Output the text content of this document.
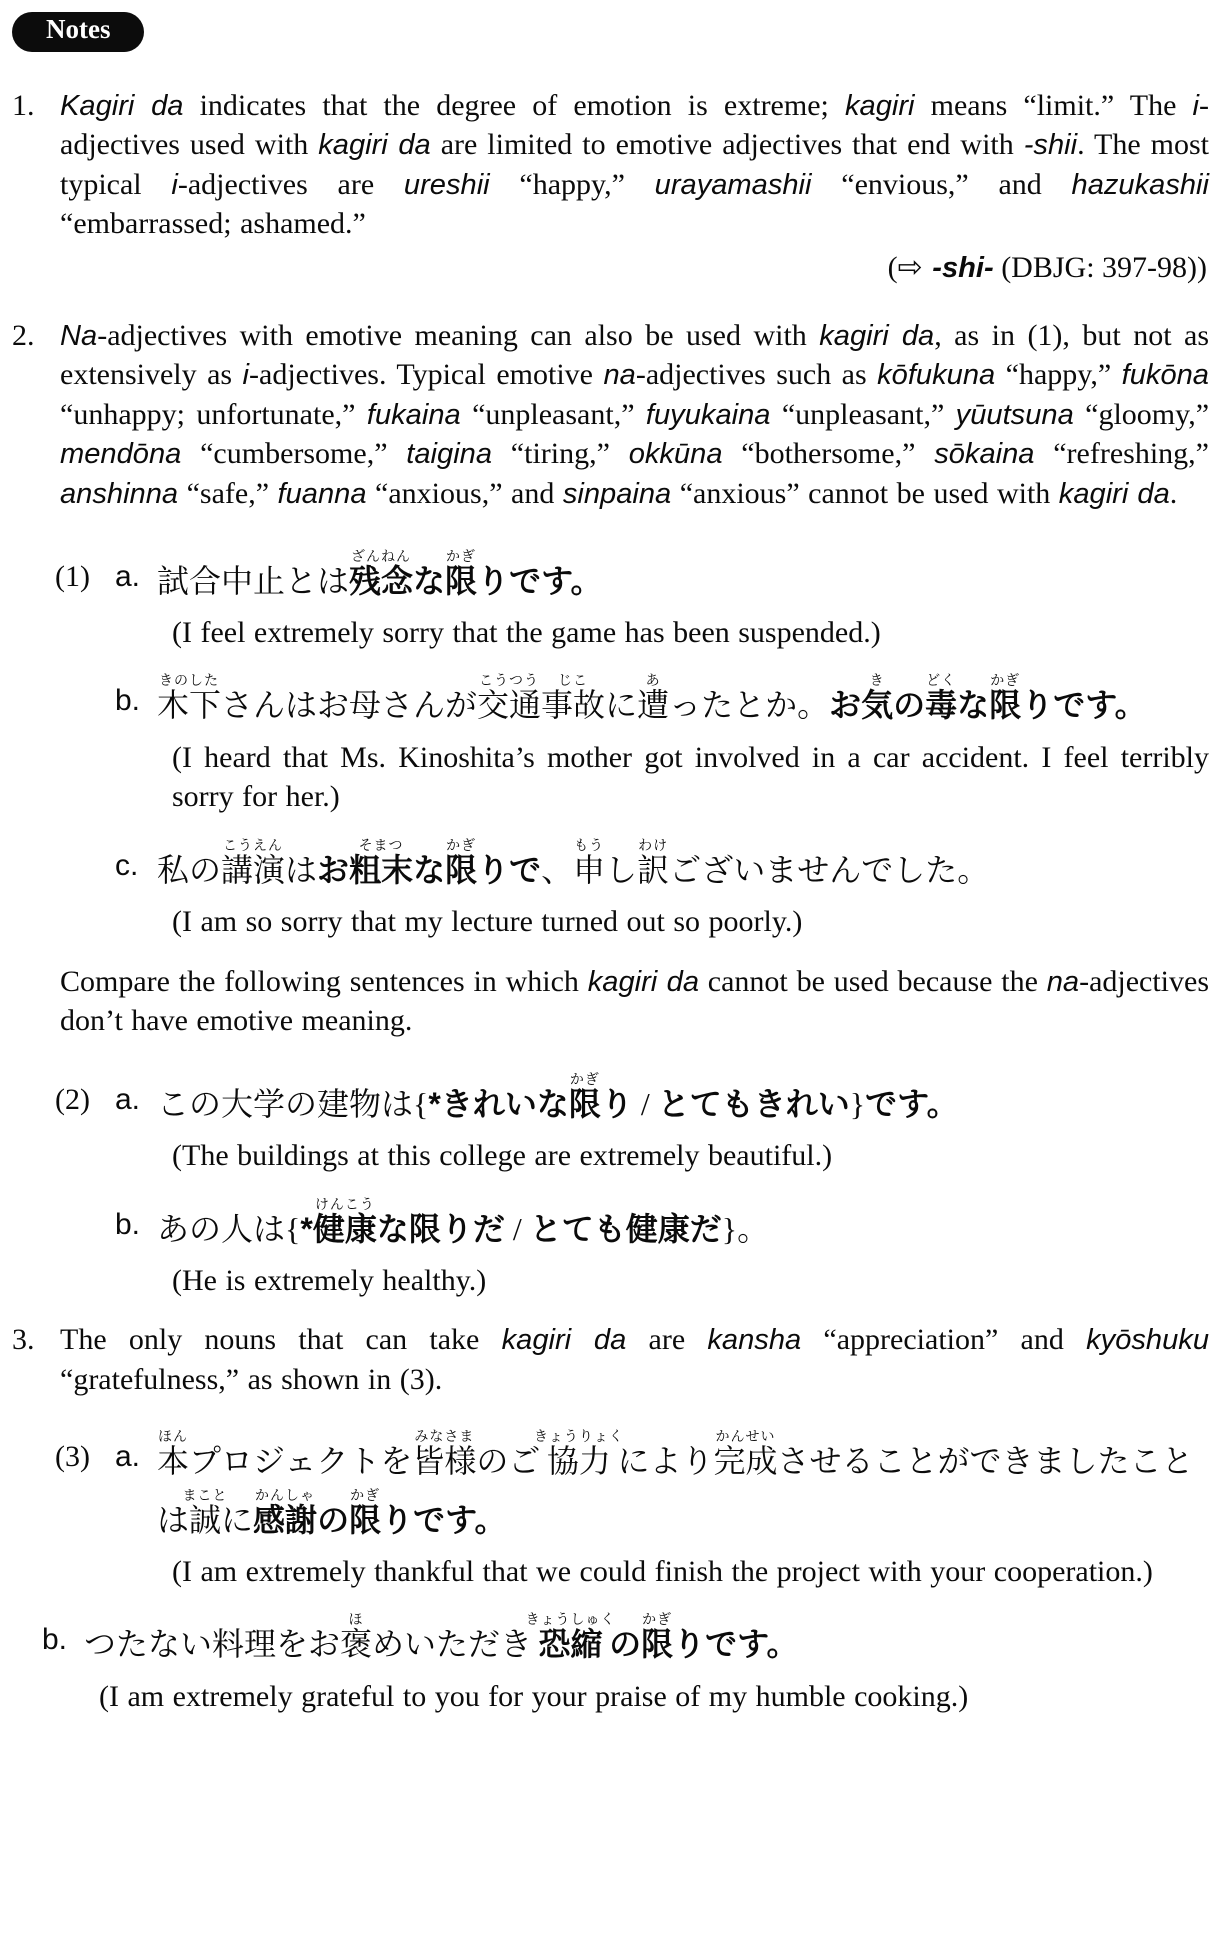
Notes
1. Kagiri da indicates that the degree of emotion is extreme; kagiri means “limit.” The i-adjectives used with kagiri da are limited to emotive adjectives that end with -shii. The most typical i-adjectives are ureshii “happy,” urayamashii “envious,” and hazukashii “embarrassed; ashamed.”

(⇨ -shi- (DBJG: 397-98))

2. Na-adjectives with emotive meaning can also be used with kagiri da, as in (1), but not as extensively as i-adjectives. Typical emotive na-adjectives such as kōfukuna “happy,” fukōna “unhappy; unfortunate,” fukaina “unpleasant,” fuyukaina “unpleasant,” yūutsuna “gloomy,” mendōna “cumbersome,” taigina “tiring,” okkūna “bothersome,” sōkaina “refreshing,” anshinna “safe,” fuanna “anxious,” and sinpaina “anxious” cannot be used with kagiri da.

(1) a. 試合中止とは残念ざんねんな限かぎりです。

(I feel extremely sorry that the game has been suspended.)

b. 木下きのしたさんはお母さんが交通こうつう事故じこに遭あったとか。お気きの毒どくな限かぎりです。

(I heard that Ms. Kinoshita’s mother got involved in a car accident. I feel terribly sorry for her.)

c. 私の講演こうえんはお粗末そまつな限かぎりで、申もうし訳わけございませんでした。

(I am so sorry that my lecture turned out so poorly.)

Compare the following sentences in which kagiri da cannot be used because the na-adjectives don’t have emotive meaning.

(2) a. この大学の建物は{*きれいな限かぎり / とてもきれい}です。

(The buildings at this college are extremely beautiful.)

b. あの人は{*健康けんこうな限りだ / とても健康だ}。

(He is extremely healthy.)

3. The only nouns that can take kagiri da are kansha “appreciation” and kyōshuku “gratefulness,” as shown in (3).

(3) a. 本ほんプロジェクトを皆様みなさまのご協力きょうりょくにより完成かんせいさせることができましたことは誠まことに感謝かんしゃの限かぎりです。

(I am extremely thankful that we could finish the project with your cooperation.)

b. つたない料理をお褒ほめいただき恐縮きょうしゅくの限かぎりです。

(I am extremely grateful to you for your praise of my humble cooking.)
